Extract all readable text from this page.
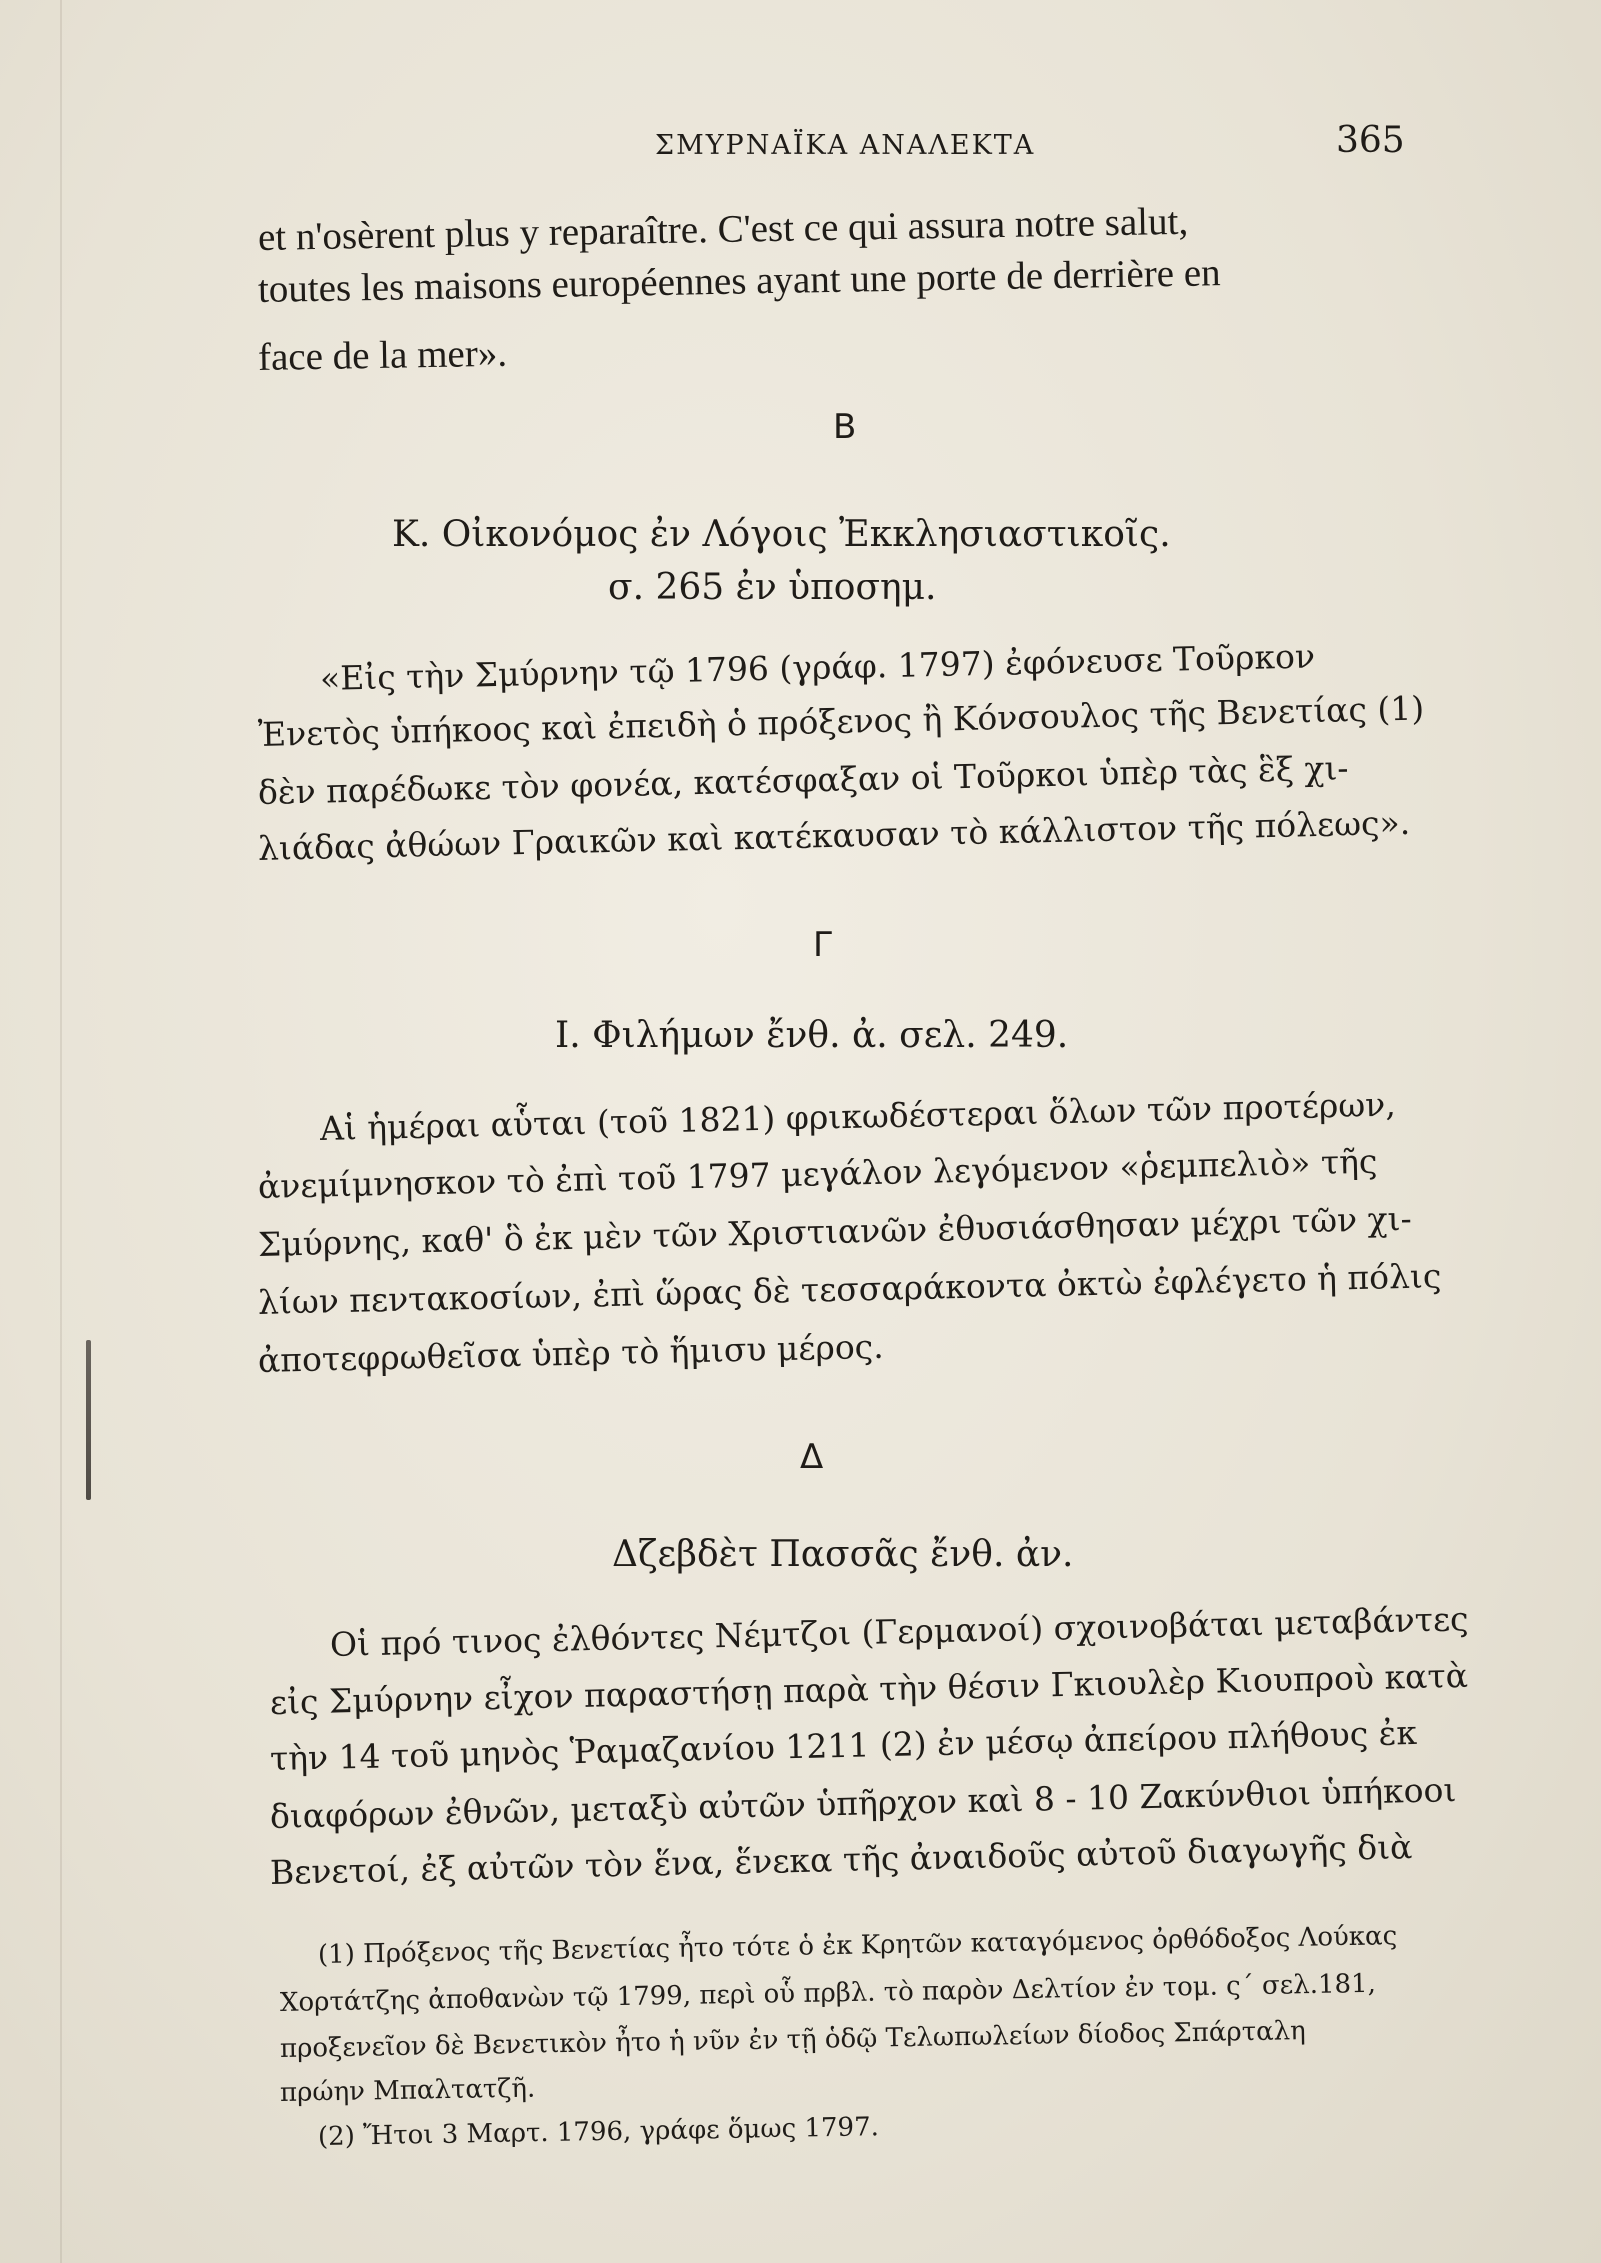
ΣΜΥΡΝΑΪΚΑ ΑΝΑΛΕΚΤΑ	365
et n'osèrent plus y reparaître. C'est ce qui assura notre salut,
toutes les maisons européennes ayant une porte de derrière en
face de la mer».
Β
Κ. Οἰκονόμος ἐν Λόγοις Ἐκκλησιαστικοῖς.
σ. 265 ἐν ὑποσημ.
«Εἰς τὴν Σμύρνην τῷ 1796 (γράφ. 1797) ἐφόνευσε Τοῦρκον
Ἐνετὸς ὑπήκοος καὶ ἐπειδὴ ὁ πρόξενος ἢ Κόνσουλος τῆς Βενετίας (1)
δὲν παρέδωκε τὸν φονέα, κατέσφαξαν οἱ Τοῦρκοι ὑπὲρ τὰς ἓξ χι-
λιάδας ἀθώων Γραικῶν καὶ κατέκαυσαν τὸ κάλλιστον τῆς πόλεως».
Γ
Ι. Φιλήμων ἔνθ. ἀ. σελ. 249.
Αἱ ἡμέραι αὗται (τοῦ 1821) φρικωδέστεραι ὅλων τῶν προτέρων,
ἀνεμίμνησκον τὸ ἐπὶ τοῦ 1797 μεγάλον λεγόμενον «ῥεμπελιὸ» τῆς
Σμύρνης, καθ' ὃ ἐκ μὲν τῶν Χριστιανῶν ἐθυσιάσθησαν μέχρι τῶν χι-
λίων πεντακοσίων, ἐπὶ ὥρας δὲ τεσσαράκοντα ὀκτὼ ἐφλέγετο ἡ πόλις
ἀποτεφρωθεῖσα ὑπὲρ τὸ ἥμισυ μέρος.
Δ
Δζεβδὲτ Πασσᾶς ἔνθ. ἀν.
Οἱ πρό τινος ἐλθόντες Νέμτζοι (Γερμανοί) σχοινοβάται μεταβάντες
εἰς Σμύρνην εἶχον παραστήσῃ παρὰ τὴν θέσιν Γκιουλὲρ Κιουπροὺ κατὰ
τὴν 14 τοῦ μηνὸς Ῥαμαζανίου 1211 (2) ἐν μέσῳ ἀπείρου πλήθους ἐκ
διαφόρων ἐθνῶν, μεταξὺ αὐτῶν ὑπῆρχον καὶ 8 - 10 Ζακύνθιοι ὑπήκοοι
Βενετοί, ἐξ αὐτῶν τὸν ἕνα, ἕνεκα τῆς ἀναιδοῦς αὐτοῦ διαγωγῆς διὰ
(1) Πρόξενος τῆς Βενετίας ἦτο τότε ὁ ἐκ Κρητῶν καταγόμενος ὀρθόδοξος Λούκας
Χορτάτζης ἀποθανὼν τῷ 1799, περὶ οὗ πρβλ. τὸ παρὸν Δελτίον ἐν τομ. ς΄ σελ.181,
προξενεῖον δὲ Βενετικὸν ἦτο ἡ νῦν ἐν τῇ ὁδῷ Τελωπωλείων δίοδος Σπάρταλη
πρώην Μπαλτατζῆ.
(2) Ἤτοι 3 Μαρτ. 1796, γράφε ὅμως 1797.
